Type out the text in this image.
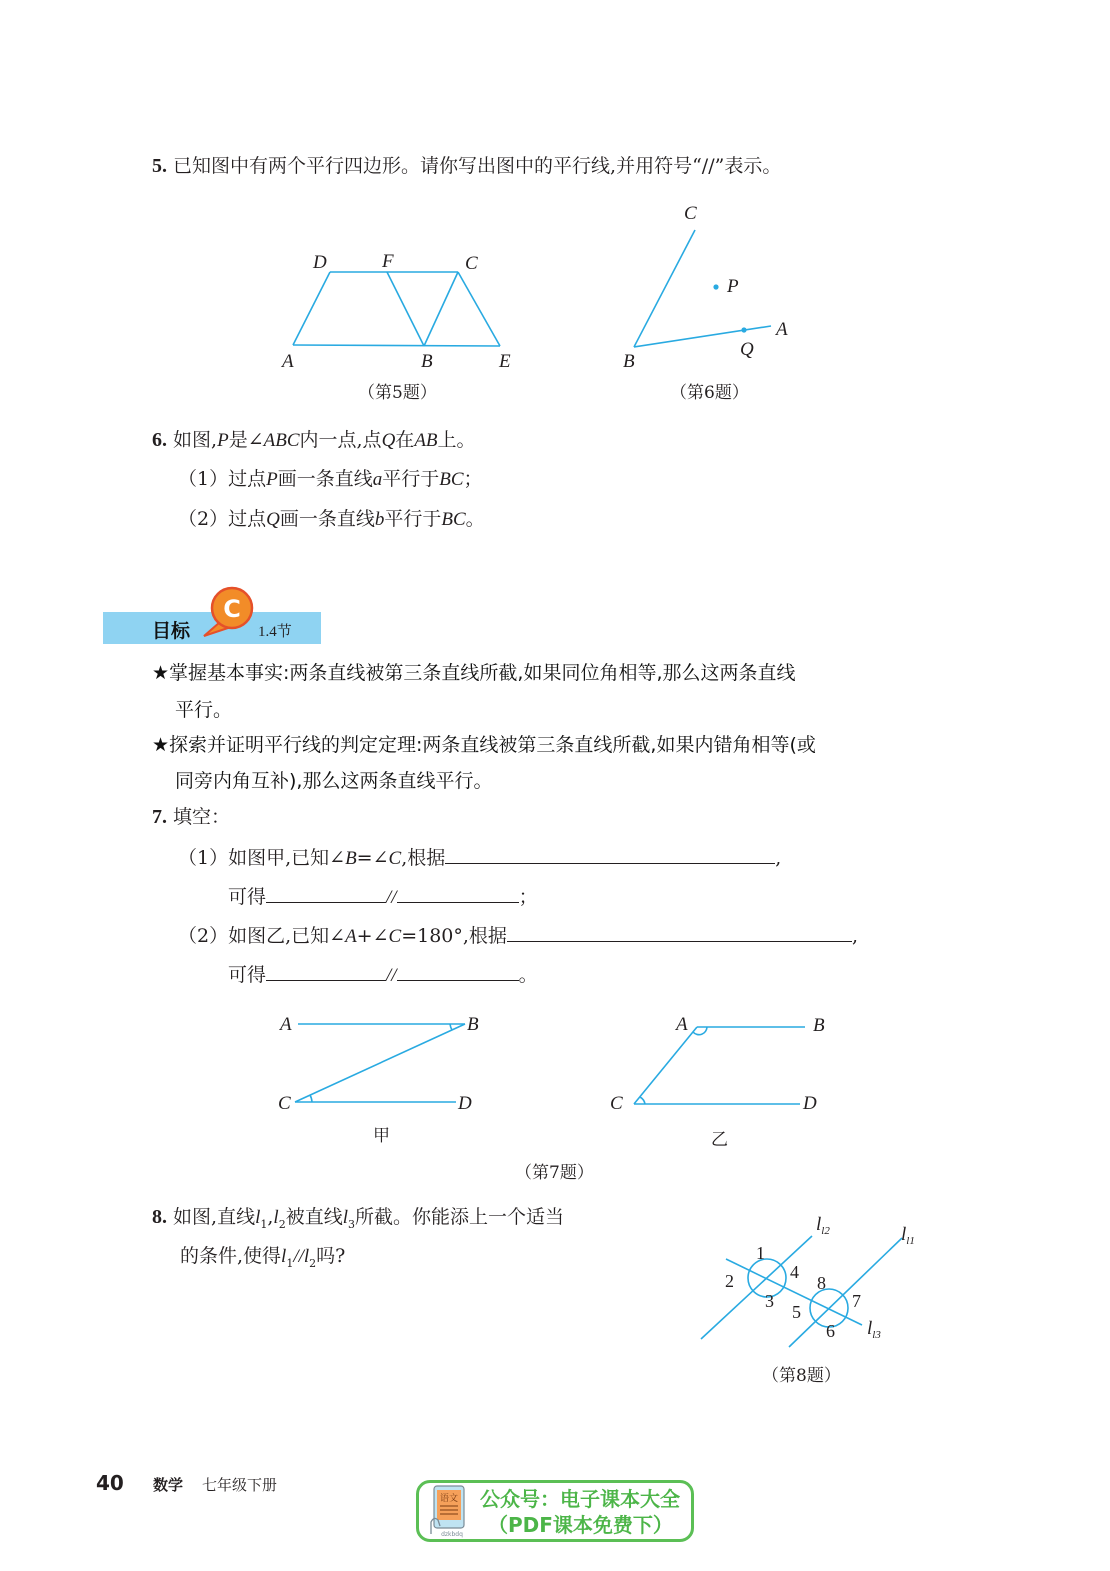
5. 已知图中有两个平行四边形。请你写出图中的平行线,并用符号“//”表示。
D	F	C
A	B	E
（第5题）
C
P
A
Q
B
（第6题）
6. 如图,P是∠ABC内一点,点Q在AB上。
（1）过点P画一条直线a平行于BC；
（2）过点Q画一条直线b平行于BC。
目标
C
1.4节
★掌握基本事实:两条直线被第三条直线所截,如果同位角相等,那么这两条直线
平行。
★探索并证明平行线的判定定理:两条直线被第三条直线所截,如果内错角相等(或
同旁内角互补),那么这两条直线平行。
7. 填空：
（1）如图甲,已知∠B=∠C,根据	,
可得	//	；
（2）如图乙,已知∠A+∠C=180°,根据	,
可得	//	。
A	B
C	D
甲
A	B
C	D
乙
（第7题）
8. 如图,直线$l_1,l_2$被直线$l_3$所截。你能添上一个适当
的条件,使得$l_1//l_2$吗?
$l_{l2}$	$l_{l1}$
$l_{l3}$
1
2
3
4
5
6
7
8
（第8题）
40 数学 七年级下册
语文
dzkbdq
公众号：电子课本大全
（PDF课本免费下）
